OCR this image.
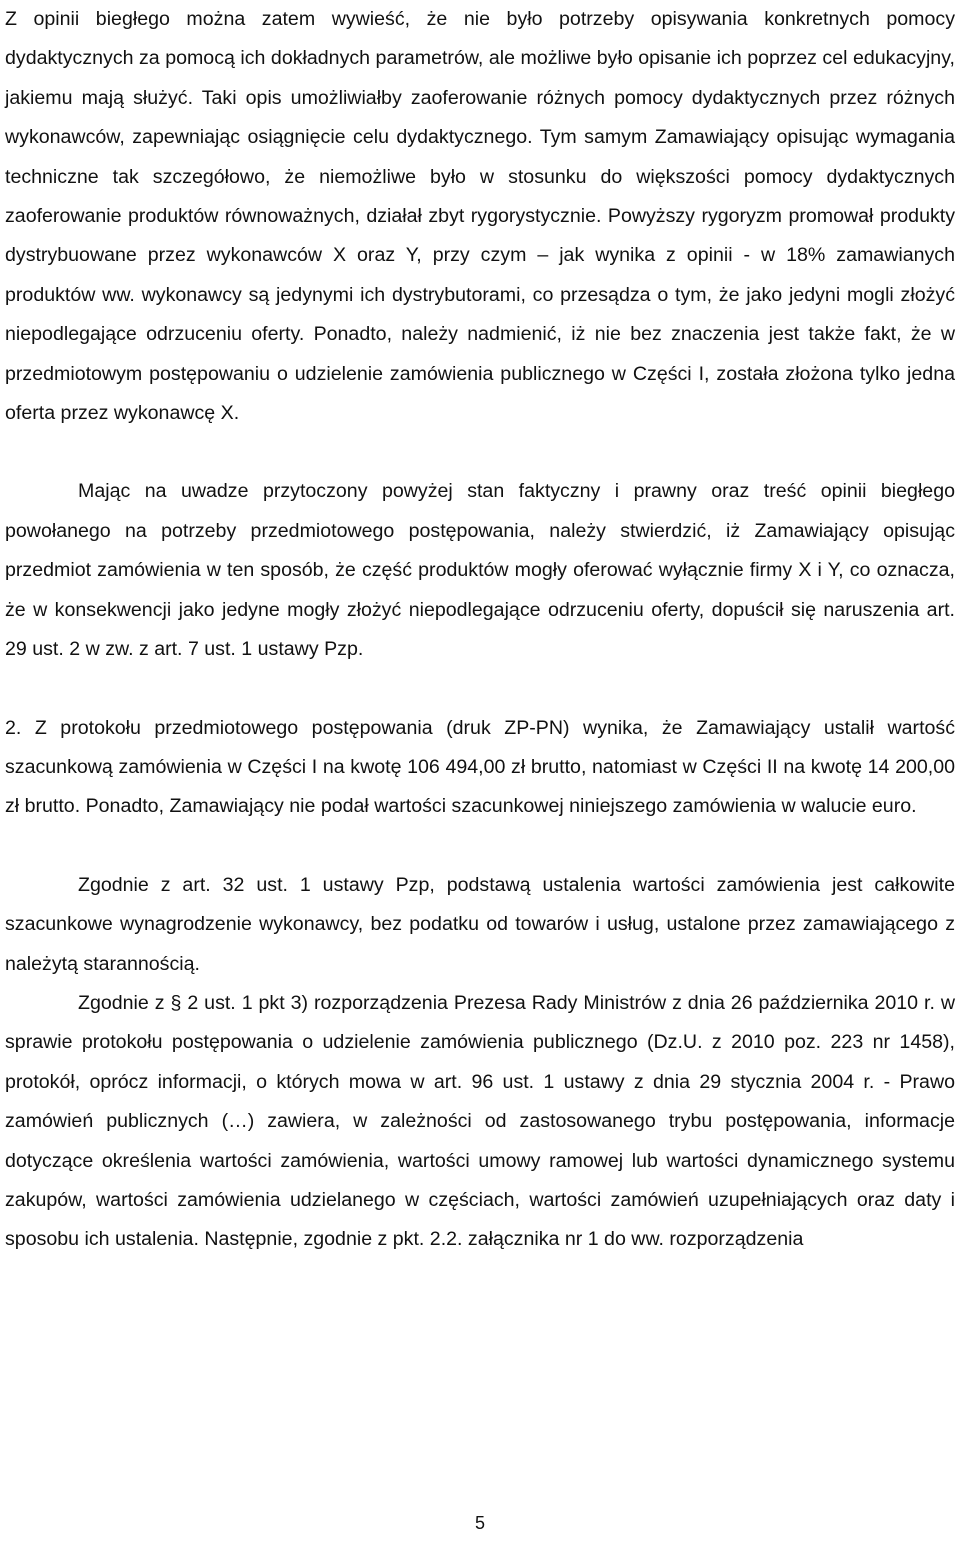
Z opinii biegłego można zatem wywieść, że nie było potrzeby opisywania konkretnych pomocy dydaktycznych za pomocą ich dokładnych parametrów, ale możliwe było opisanie ich poprzez cel edukacyjny, jakiemu mają służyć. Taki opis umożliwiałby zaoferowanie różnych pomocy dydaktycznych przez różnych wykonawców, zapewniając osiągnięcie celu dydaktycznego. Tym samym Zamawiający opisując wymagania techniczne tak szczegółowo, że niemożliwe było w stosunku do większości pomocy dydaktycznych zaoferowanie produktów równoważnych, działał zbyt rygorystycznie. Powyższy rygoryzm promował produkty dystrybuowane przez wykonawców X oraz Y, przy czym – jak wynika z opinii - w 18% zamawianych produktów ww. wykonawcy są jedynymi ich dystrybutorami, co przesądza o tym, że jako jedyni mogli złożyć niepodlegające odrzuceniu oferty. Ponadto, należy nadmienić, iż nie bez znaczenia jest także fakt, że w przedmiotowym postępowaniu o udzielenie zamówienia publicznego w Części I, została złożona tylko jedna oferta przez wykonawcę X.

Mając na uwadze przytoczony powyżej stan faktyczny i prawny oraz treść opinii biegłego powołanego na potrzeby przedmiotowego postępowania, należy stwierdzić, iż Zamawiający opisując przedmiot zamówienia w ten sposób, że część produktów mogły oferować wyłącznie firmy X i Y, co oznacza, że w konsekwencji jako jedyne mogły złożyć niepodlegające odrzuceniu oferty, dopuścił się naruszenia art. 29 ust. 2 w zw. z art. 7 ust. 1 ustawy Pzp.

2. Z protokołu przedmiotowego postępowania (druk ZP-PN) wynika, że Zamawiający ustalił wartość szacunkową zamówienia w Części I na kwotę 106 494,00 zł brutto, natomiast w Części II na kwotę 14 200,00 zł brutto. Ponadto, Zamawiający nie podał wartości szacunkowej niniejszego zamówienia w walucie euro.

Zgodnie z art. 32 ust. 1 ustawy Pzp, podstawą ustalenia wartości zamówienia jest całkowite szacunkowe wynagrodzenie wykonawcy, bez podatku od towarów i usług, ustalone przez zamawiającego z należytą starannością.

Zgodnie z § 2 ust. 1 pkt 3) rozporządzenia Prezesa Rady Ministrów z dnia 26 października 2010 r. w sprawie protokołu postępowania o udzielenie zamówienia publicznego (Dz.U. z 2010 poz. 223 nr 1458), protokół, oprócz informacji, o których mowa w art. 96 ust. 1 ustawy z dnia 29 stycznia 2004 r. - Prawo zamówień publicznych (…) zawiera, w zależności od zastosowanego trybu postępowania, informacje dotyczące określenia wartości zamówienia, wartości umowy ramowej lub wartości dynamicznego systemu zakupów, wartości zamówienia udzielanego w częściach, wartości zamówień uzupełniających oraz daty i sposobu ich ustalenia. Następnie, zgodnie z pkt. 2.2. załącznika nr 1 do ww. rozporządzenia

5
